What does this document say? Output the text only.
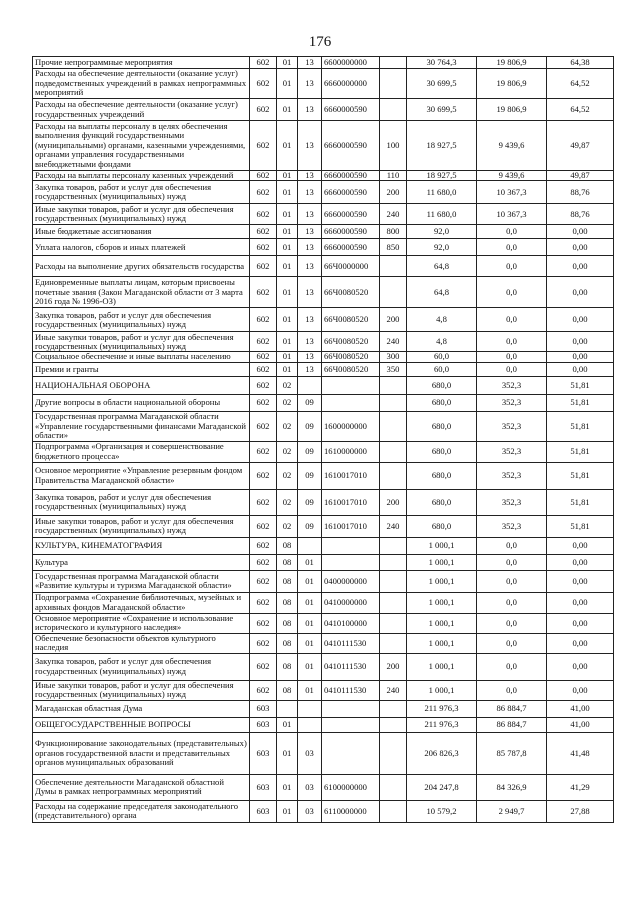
176
Прочие непрограммные мероприятия	602	01	13	6600000000		30 764,3	19 806,9	64,38
Расходы на обеспечение деятельности (оказание услуг) подведомственных учреждений в рамках непрограммных мероприятий	602	01	13	6660000000		30 699,5	19 806,9	64,52
Расходы на обеспечение деятельности (оказание услуг) государственных учреждений	602	01	13	6660000590		30 699,5	19 806,9	64,52
Расходы на выплаты персоналу в целях обеспечения выполнения функций государственными (муниципальными) органами, казенными учреждениями, органами управления государственными внебюджетными фондами	602	01	13	6660000590	100	18 927,5	9 439,6	49,87
Расходы на выплаты персоналу казенных учреждений	602	01	13	6660000590	110	18 927,5	9 439,6	49,87
Закупка товаров, работ и услуг для обеспечения государственных (муниципальных) нужд	602	01	13	6660000590	200	11 680,0	10 367,3	88,76
Иные закупки товаров, работ и услуг для обеспечения государственных (муниципальных) нужд	602	01	13	6660000590	240	11 680,0	10 367,3	88,76
Иные бюджетные ассигнования	602	01	13	6660000590	800	92,0	0,0	0,00
Уплата налогов, сборов и иных платежей	602	01	13	6660000590	850	92,0	0,0	0,00
Расходы на выполнение других обязательств государства	602	01	13	66Ч0000000		64,8	0,0	0,00
Единовременные выплаты лицам, которым присвоены почетные звания (Закон Магаданской области от 3 марта 2016 года № 1996-ОЗ)	602	01	13	66Ч0080520		64,8	0,0	0,00
Закупка товаров, работ и услуг для обеспечения государственных (муниципальных) нужд	602	01	13	66Ч0080520	200	4,8	0,0	0,00
Иные закупки товаров, работ и услуг для обеспечения государственных (муниципальных) нужд	602	01	13	66Ч0080520	240	4,8	0,0	0,00
Социальное обеспечение и иные выплаты населению	602	01	13	66Ч0080520	300	60,0	0,0	0,00
Премии и гранты	602	01	13	66Ч0080520	350	60,0	0,0	0,00
НАЦИОНАЛЬНАЯ ОБОРОНА	602	02				680,0	352,3	51,81
Другие вопросы в области национальной обороны	602	02	09			680,0	352,3	51,81
Государственная программа Магаданской области «Управление государственными финансами Магаданской области»	602	02	09	1600000000		680,0	352,3	51,81
Подпрограмма «Организация и совершенствование бюджетного процесса»	602	02	09	1610000000		680,0	352,3	51,81
Основное мероприятие «Управление резервным фондом Правительства Магаданской области»	602	02	09	1610017010		680,0	352,3	51,81
Закупка товаров, работ и услуг для обеспечения государственных (муниципальных) нужд	602	02	09	1610017010	200	680,0	352,3	51,81
Иные закупки товаров, работ и услуг для обеспечения государственных (муниципальных) нужд	602	02	09	1610017010	240	680,0	352,3	51,81
КУЛЬТУРА, КИНЕМАТОГРАФИЯ	602	08				1 000,1	0,0	0,00
Культура	602	08	01			1 000,1	0,0	0,00
Государственная программа Магаданской области «Развитие культуры и туризма Магаданской области»	602	08	01	0400000000		1 000,1	0,0	0,00
Подпрограмма «Сохранение библиотечных, музейных и архивных фондов Магаданской области»	602	08	01	0410000000		1 000,1	0,0	0,00
Основное мероприятие «Сохранение и использование исторического и культурного наследия»	602	08	01	0410100000		1 000,1	0,0	0,00
Обеспечение безопасности объектов культурного наследия	602	08	01	0410111530		1 000,1	0,0	0,00
Закупка товаров, работ и услуг для обеспечения государственных (муниципальных) нужд	602	08	01	0410111530	200	1 000,1	0,0	0,00
Иные закупки товаров, работ и услуг для обеспечения государственных (муниципальных) нужд	602	08	01	0410111530	240	1 000,1	0,0	0,00
Магаданская областная Дума	603					211 976,3	86 884,7	41,00
ОБЩЕГОСУДАРСТВЕННЫЕ ВОПРОСЫ	603	01				211 976,3	86 884,7	41,00
Функционирование законодательных (представительных) органов государственной власти и представительных органов муниципальных образований	603	01	03			206 826,3	85 787,8	41,48
Обеспечение деятельности Магаданской областной Думы в рамках непрограммных мероприятий	603	01	03	6100000000		204 247,8	84 326,9	41,29
Расходы на содержание председателя законодательного (представительного) органа	603	01	03	6110000000		10 579,2	2 949,7	27,88
